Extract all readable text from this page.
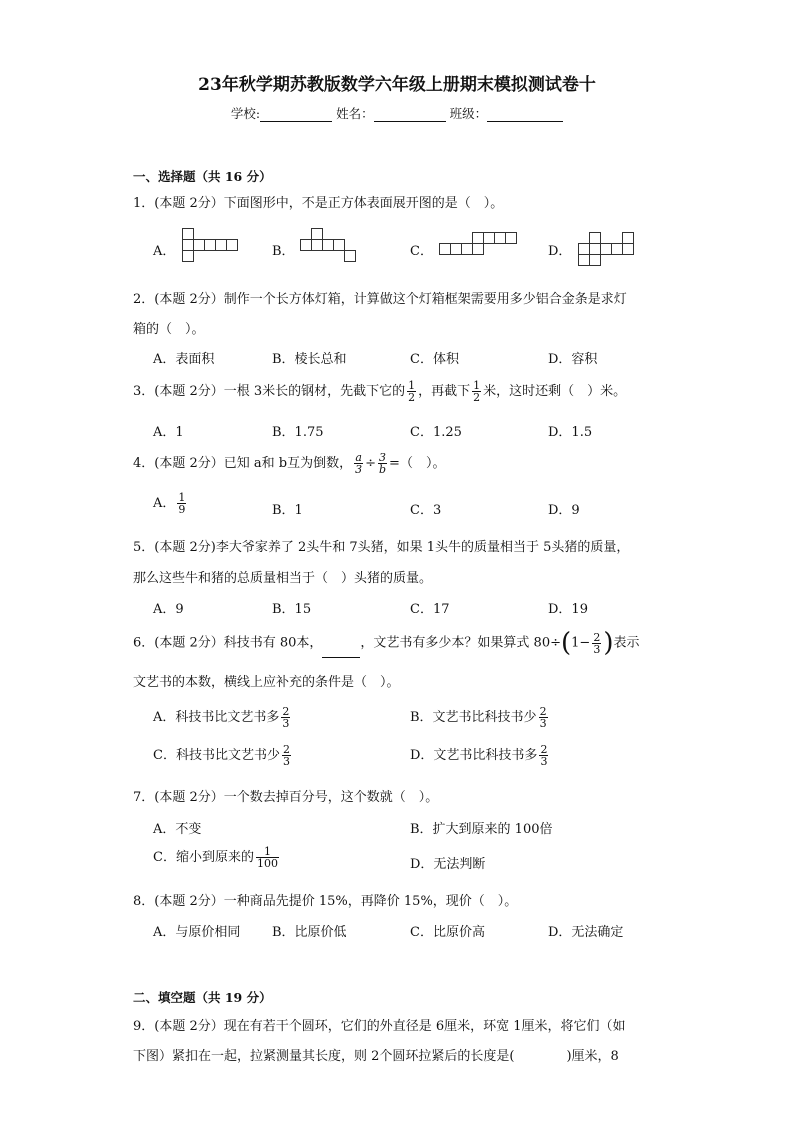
23年秋学期苏教版数学六年级上册期末模拟测试卷十
学校:	姓名：	班级：
一、选择题（共 16 分）
1．(本题 2分）下面图形中，不是正方体表面展开图的是（　）。
A．	B．	C．	D．
2．(本题 2分）制作一个长方体灯箱，计算做这个灯箱框架需要用多少铝合金条是求灯
箱的（　）。
A．表面积	B．棱长总和	C．体积	D．容积
3．(本题 2分）一根 3米长的钢材，先截下它的 $\frac{1}{2}$ ，再截下 $\frac{1}{2}$ 米，这时还剩（　）米。
A．1	B．1.75	C．1.25	D．1.5
4．(本题 2分）已知 a和 b互为倒数， $\frac{a}{3} \div \frac{3}{b}$ =（　）。
A． $\frac{1}{9}$	B．1	C．3	D．9
5．(本题 2分)李大爷家养了 2头牛和 7头猪，如果 1头牛的质量相当于 5头猪的质量，
那么这些牛和猪的总质量相当于（　）头猪的质量。
A．9	B．15	C．17	D．19
6．(本题 2分）科技书有 80本，	，文艺书有多少本？如果算式 $80\div(1- \frac{2}{3}$ )表示
文艺书的本数，横线上应补充的条件是（　）。
A．科技书比文艺书多 $\frac{2}{3}$	B．文艺书比科技书少 $\frac{2}{3}$
C．科技书比文艺书少 $\frac{2}{3}$	D．文艺书比科技书多 $\frac{2}{3}$
7．(本题 2分）一个数去掉百分号，这个数就（　）。
A．不变	B．扩大到原来的 100倍
C．缩小到原来的 $\frac{1}{100}$	D．无法判断
8．(本题 2分）一种商品先提价 15%，再降价 15%，现价（　）。
A．与原价相同 B．比原价低	C．比原价高	D．无法确定
二、填空题（共 19 分）
9．(本题 2分）现在有若干个圆环，它们的外直径是 6厘米，环宽 1厘米，将它们（如
下图）紧扣在一起，拉紧测量其长度，则 2个圆环拉紧后的长度是(　　　　)厘米，8
